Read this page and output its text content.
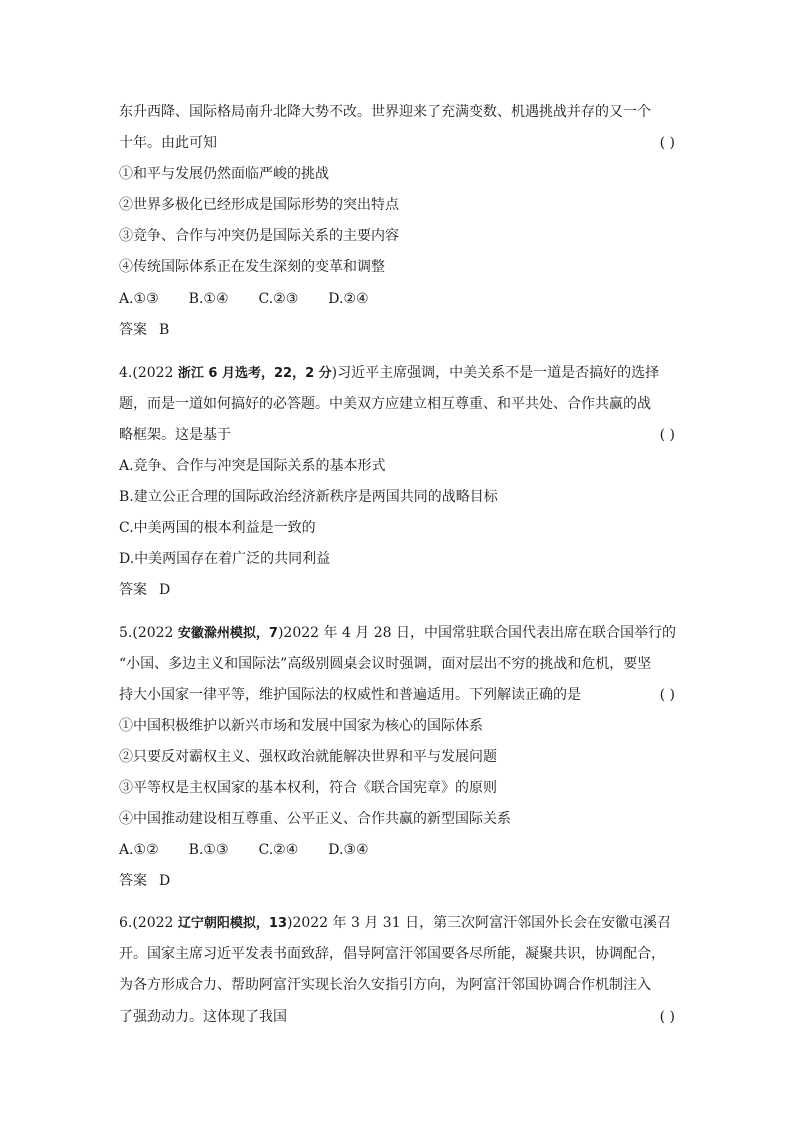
东升西降、国际格局南升北降大势不改。世界迎来了充满变数、机遇挑战并存的又一个
十年。由此可知	( )
①和平与发展仍然面临严峻的挑战
②世界多极化已经形成是国际形势的突出特点
③竞争、合作与冲突仍是国际关系的主要内容
④传统国际体系正在发生深刻的变革和调整
A.①③ B.①④ C.②③ D.②④
答案 B
4.(2022 浙江 6 月选考，22，2 分)习近平主席强调，中美关系不是一道是否搞好的选择
题，而是一道如何搞好的必答题。中美双方应建立相互尊重、和平共处、合作共赢的战
略框架。这是基于	( )
A.竞争、合作与冲突是国际关系的基本形式
B.建立公正合理的国际政治经济新秩序是两国共同的战略目标
C.中美两国的根本利益是一致的
D.中美两国存在着广泛的共同利益
答案 D
5.(2022 安徽滁州模拟，7)2022 年 4 月 28 日，中国常驻联合国代表出席在联合国举行的
“小国、多边主义和国际法”高级别圆桌会议时强调，面对层出不穷的挑战和危机，要坚
持大小国家一律平等，维护国际法的权威性和普遍适用。下列解读正确的是	( )
①中国积极维护以新兴市场和发展中国家为核心的国际体系
②只要反对霸权主义、强权政治就能解决世界和平与发展问题
③平等权是主权国家的基本权利，符合《联合国宪章》的原则
④中国推动建设相互尊重、公平正义、合作共赢的新型国际关系
A.①② B.①③ C.②④ D.③④
答案 D
6.(2022 辽宁朝阳模拟，13)2022 年 3 月 31 日，第三次阿富汗邻国外长会在安徽屯溪召
开。国家主席习近平发表书面致辞，倡导阿富汗邻国要各尽所能，凝聚共识，协调配合，
为各方形成合力、帮助阿富汗实现长治久安指引方向，为阿富汗邻国协调合作机制注入
了强劲动力。这体现了我国	( )
